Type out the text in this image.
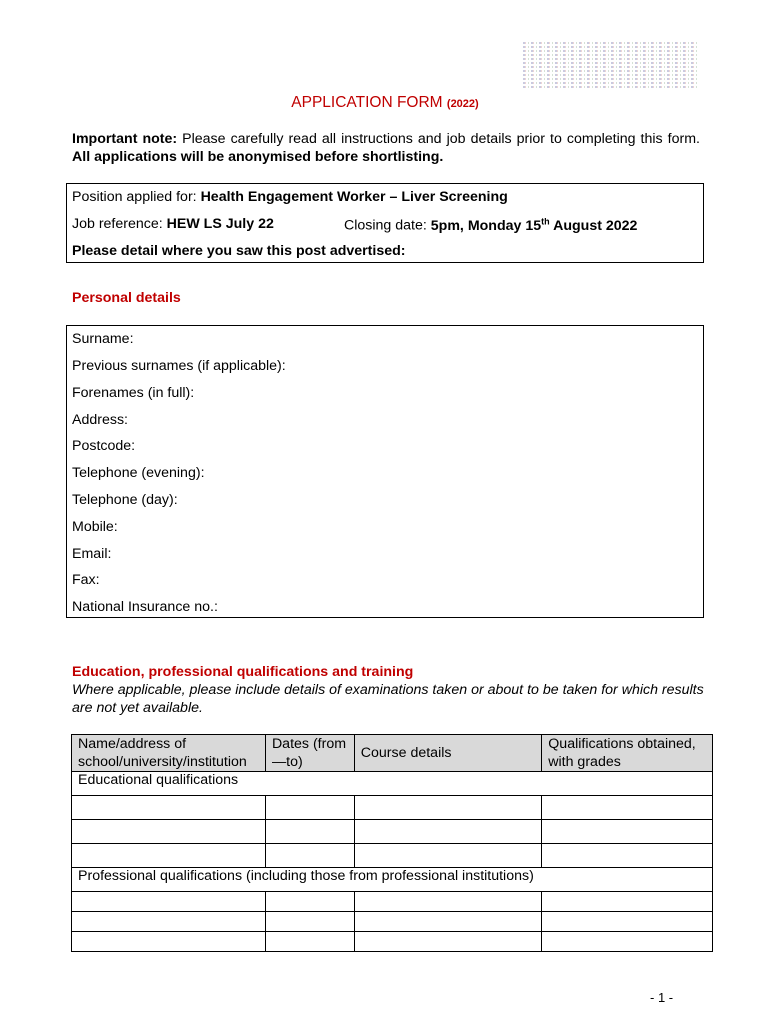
APPLICATION FORM (2022)
Important note: Please carefully read all instructions and job details prior to completing this form. All applications will be anonymised before shortlisting.
Position applied for: Health Engagement Worker – Liver Screening
Job reference: HEW LS July 22	Closing date: 5pm, Monday 15th August 2022
Please detail where you saw this post advertised:
Personal details
Surname:
Previous surnames (if applicable):
Forenames (in full):
Address:
Postcode:
Telephone (evening):
Telephone (day):
Mobile:
Email:
Fax:
National Insurance no.:
Education, professional qualifications and training
Where applicable, please include details of examinations taken or about to be taken for which results are not yet available.
Name/address of school/university/institution	Dates (from—to)	Course details	Qualifications obtained, with grades
Educational qualifications			

Professional qualifications (including those from professional institutions)			

- 1 -
